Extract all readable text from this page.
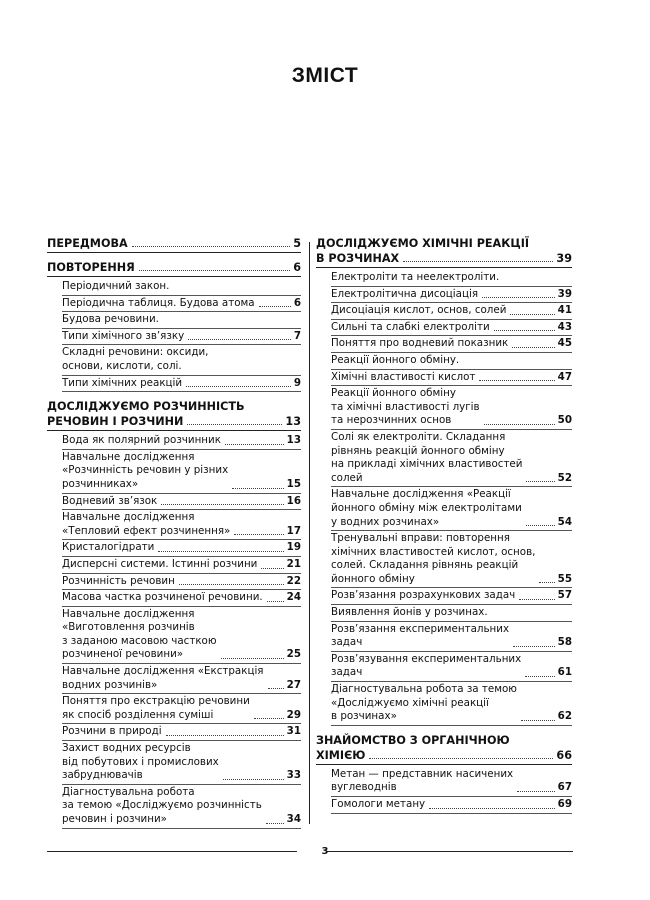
ЗМІСТ
ПЕРЕДМОВА	5
ПОВТОРЕННЯ	6
Періодичний закон.
Періодична таблиця. Будова атома	6
Будова речовини.
Типи хімічного зв’язку	7
Складні речовини: оксиди,
основи, кислоти, солі.
Типи хімічних реакцій	9
ДОСЛІДЖУЄМО РОЗЧИННІСТЬ
РЕЧОВИН І РОЗЧИНИ	13
Вода як полярний розчинник	13
Навчальне дослідження
«Розчинність речовин у різних
розчинниках»	15
Водневий зв’язок	16
Навчальне дослідження
«Тепловий ефект розчинення»	17
Кристалогідрати	19
Дисперсні системи. Істинні розчини	21
Розчинність речовин	22
Масова частка розчиненої речовини. 24
Навчальне дослідження
«Виготовлення розчинів
з заданою масовою часткою
розчиненої речовини»	25
Навчальне дослідження «Екстракція
водних розчинів»	27
Поняття про екстракцію речовини
як спосіб розділення суміші	29
Розчини в природі	31
Захист водних ресурсів
від побутових і промислових
забруднювачів	33
Діагностувальна робота
за темою «Досліджуємо розчинність
речовин і розчини»	34
ДОСЛІДЖУЄМО ХІМІЧНІ РЕАКЦІЇ
В РОЗЧИНАХ	39
Електроліти та неелектроліти.
Електролітична дисоціація	39
Дисоціація кислот, основ, солей	41
Сильні та слабкі електроліти	43
Поняття про водневий показник	45
Реакції йонного обміну.
Хімічні властивості кислот	47
Реакції йонного обміну
та хімічні властивості лугів
та нерозчинних основ	50
Солі як електроліти. Складання
рівнянь реакцій йонного обміну
на прикладі хімічних властивостей
солей	52
Навчальне дослідження «Реакції
йонного обміну між електролітами
у водних розчинах»	54
Тренувальні вправи: повторення
хімічних властивостей кислот, основ,
солей. Складання рівнянь реакцій
йонного обміну	55
Розв’язання розрахункових задач	57
Виявлення йонів у розчинах.
Розв’язання експериментальних
задач	58
Розв’язування експериментальних
задач	61
Діагностувальна робота за темою
«Досліджуємо хімічні реакції
в розчинах»	62
ЗНАЙОМСТВО З ОРГАНІЧНОЮ
ХІМІЄЮ	66
Метан — представник насичених
вуглеводнів	67
Гомологи метану	69
3
